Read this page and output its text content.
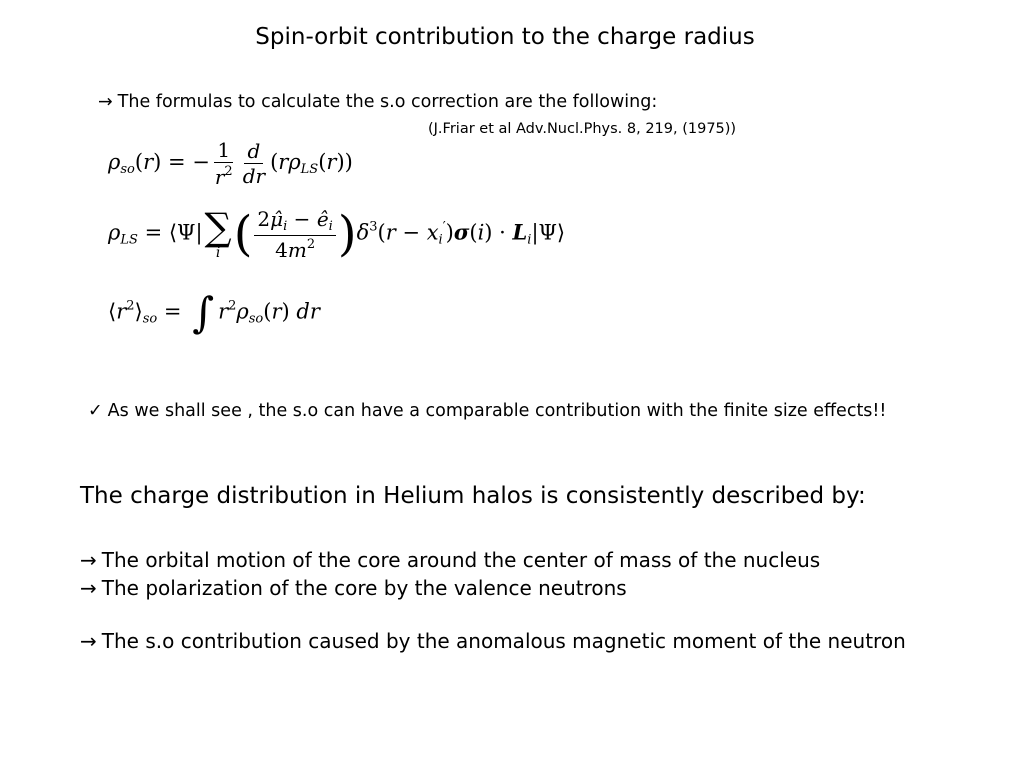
Spin-orbit contribution to the charge radius
→ The formulas to calculate the s.o correction are the following:
(J.Friar et al Adv.Nucl.Phys. 8, 219, (1975))
$\rho_{so}(r)$ = − $\frac{1}{r^2} \frac{d}{dr} (r\rho_{LS}(r))$
$\rho_{LS}$ = ⟨Ψ| ∑
i ( $\frac{2\mû_i - ê_i}{4m^2} )\delta^3(r - x_i')\sigma(i)$ · $L_i|\Psi⟩$
$⟨r^2⟩_{so}$ = ∫ $r^2\rho_{so}(r)$ dr
✓ As we shall see , the s.o can have a comparable contribution with the finite size effects!!
The charge distribution in Helium halos is consistently described by:
→ The orbital motion of the core around the center of mass of the nucleus
→ The polarization of the core by the valence neutrons
→ The s.o contribution caused by the anomalous magnetic moment of the neutron
